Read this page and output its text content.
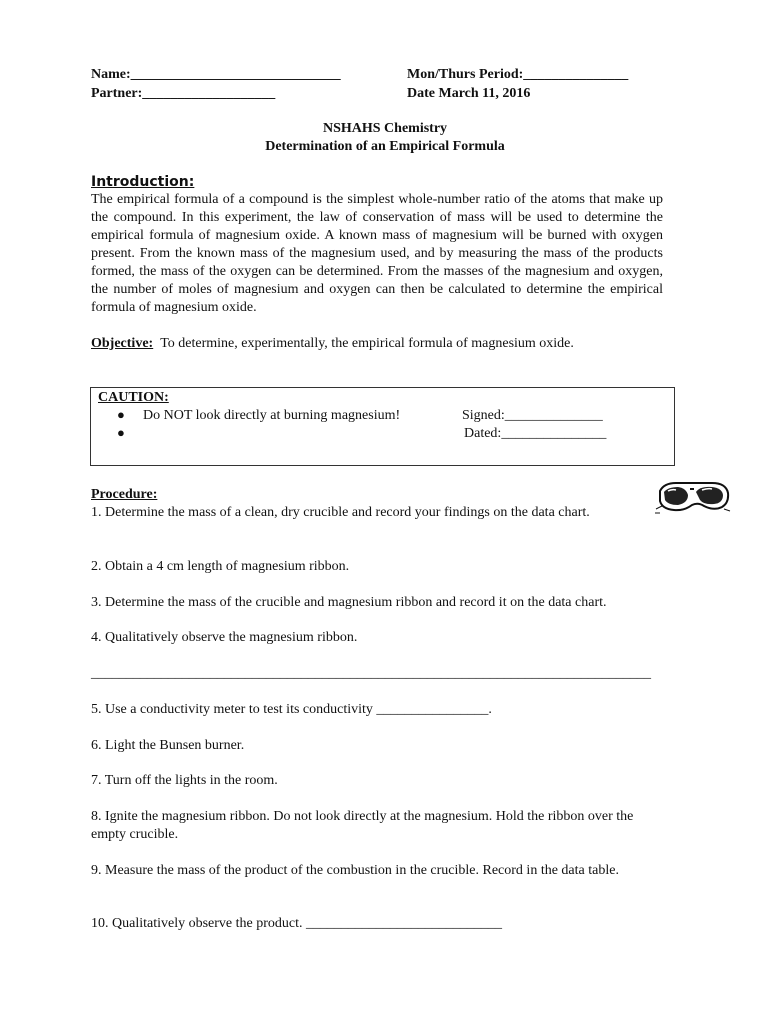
Name:______________________________
Partner:___________________
Mon/Thurs Period:_______________
Date March 11, 2016
NSHAHS Chemistry
Determination of an Empirical Formula
Introduction:
The empirical formula of a compound is the simplest whole-number ratio of the atoms that make up the compound. In this experiment, the law of conservation of mass will be used to determine the empirical formula of magnesium oxide. A known mass of magnesium will be burned with oxygen present. From the known mass of the magnesium used, and by measuring the mass of the products formed, the mass of the oxygen can be determined. From the masses of the magnesium and oxygen, the number of moles of magnesium and oxygen can then be calculated to determine the empirical formula of magnesium oxide.
Objective: To determine, experimentally, the empirical formula of magnesium oxide.
CAUTION:
● Do NOT look directly at burning magnesium!
●
Signed:______________
Dated:_______________
Procedure:
1. Determine the mass of a clean, dry crucible and record your findings on the data chart.
2. Obtain a 4 cm length of magnesium ribbon.
3. Determine the mass of the crucible and magnesium ribbon and record it on the data chart.
4. Qualitatively observe the magnesium ribbon.
________________________________________________________________________________
5. Use a conductivity meter to test its conductivity ________________.
6. Light the Bunsen burner.
7. Turn off the lights in the room.
8. Ignite the magnesium ribbon. Do not look directly at the magnesium. Hold the ribbon over the empty crucible.
9. Measure the mass of the product of the combustion in the crucible. Record in the data table.
10. Qualitatively observe the product. ____________________________
